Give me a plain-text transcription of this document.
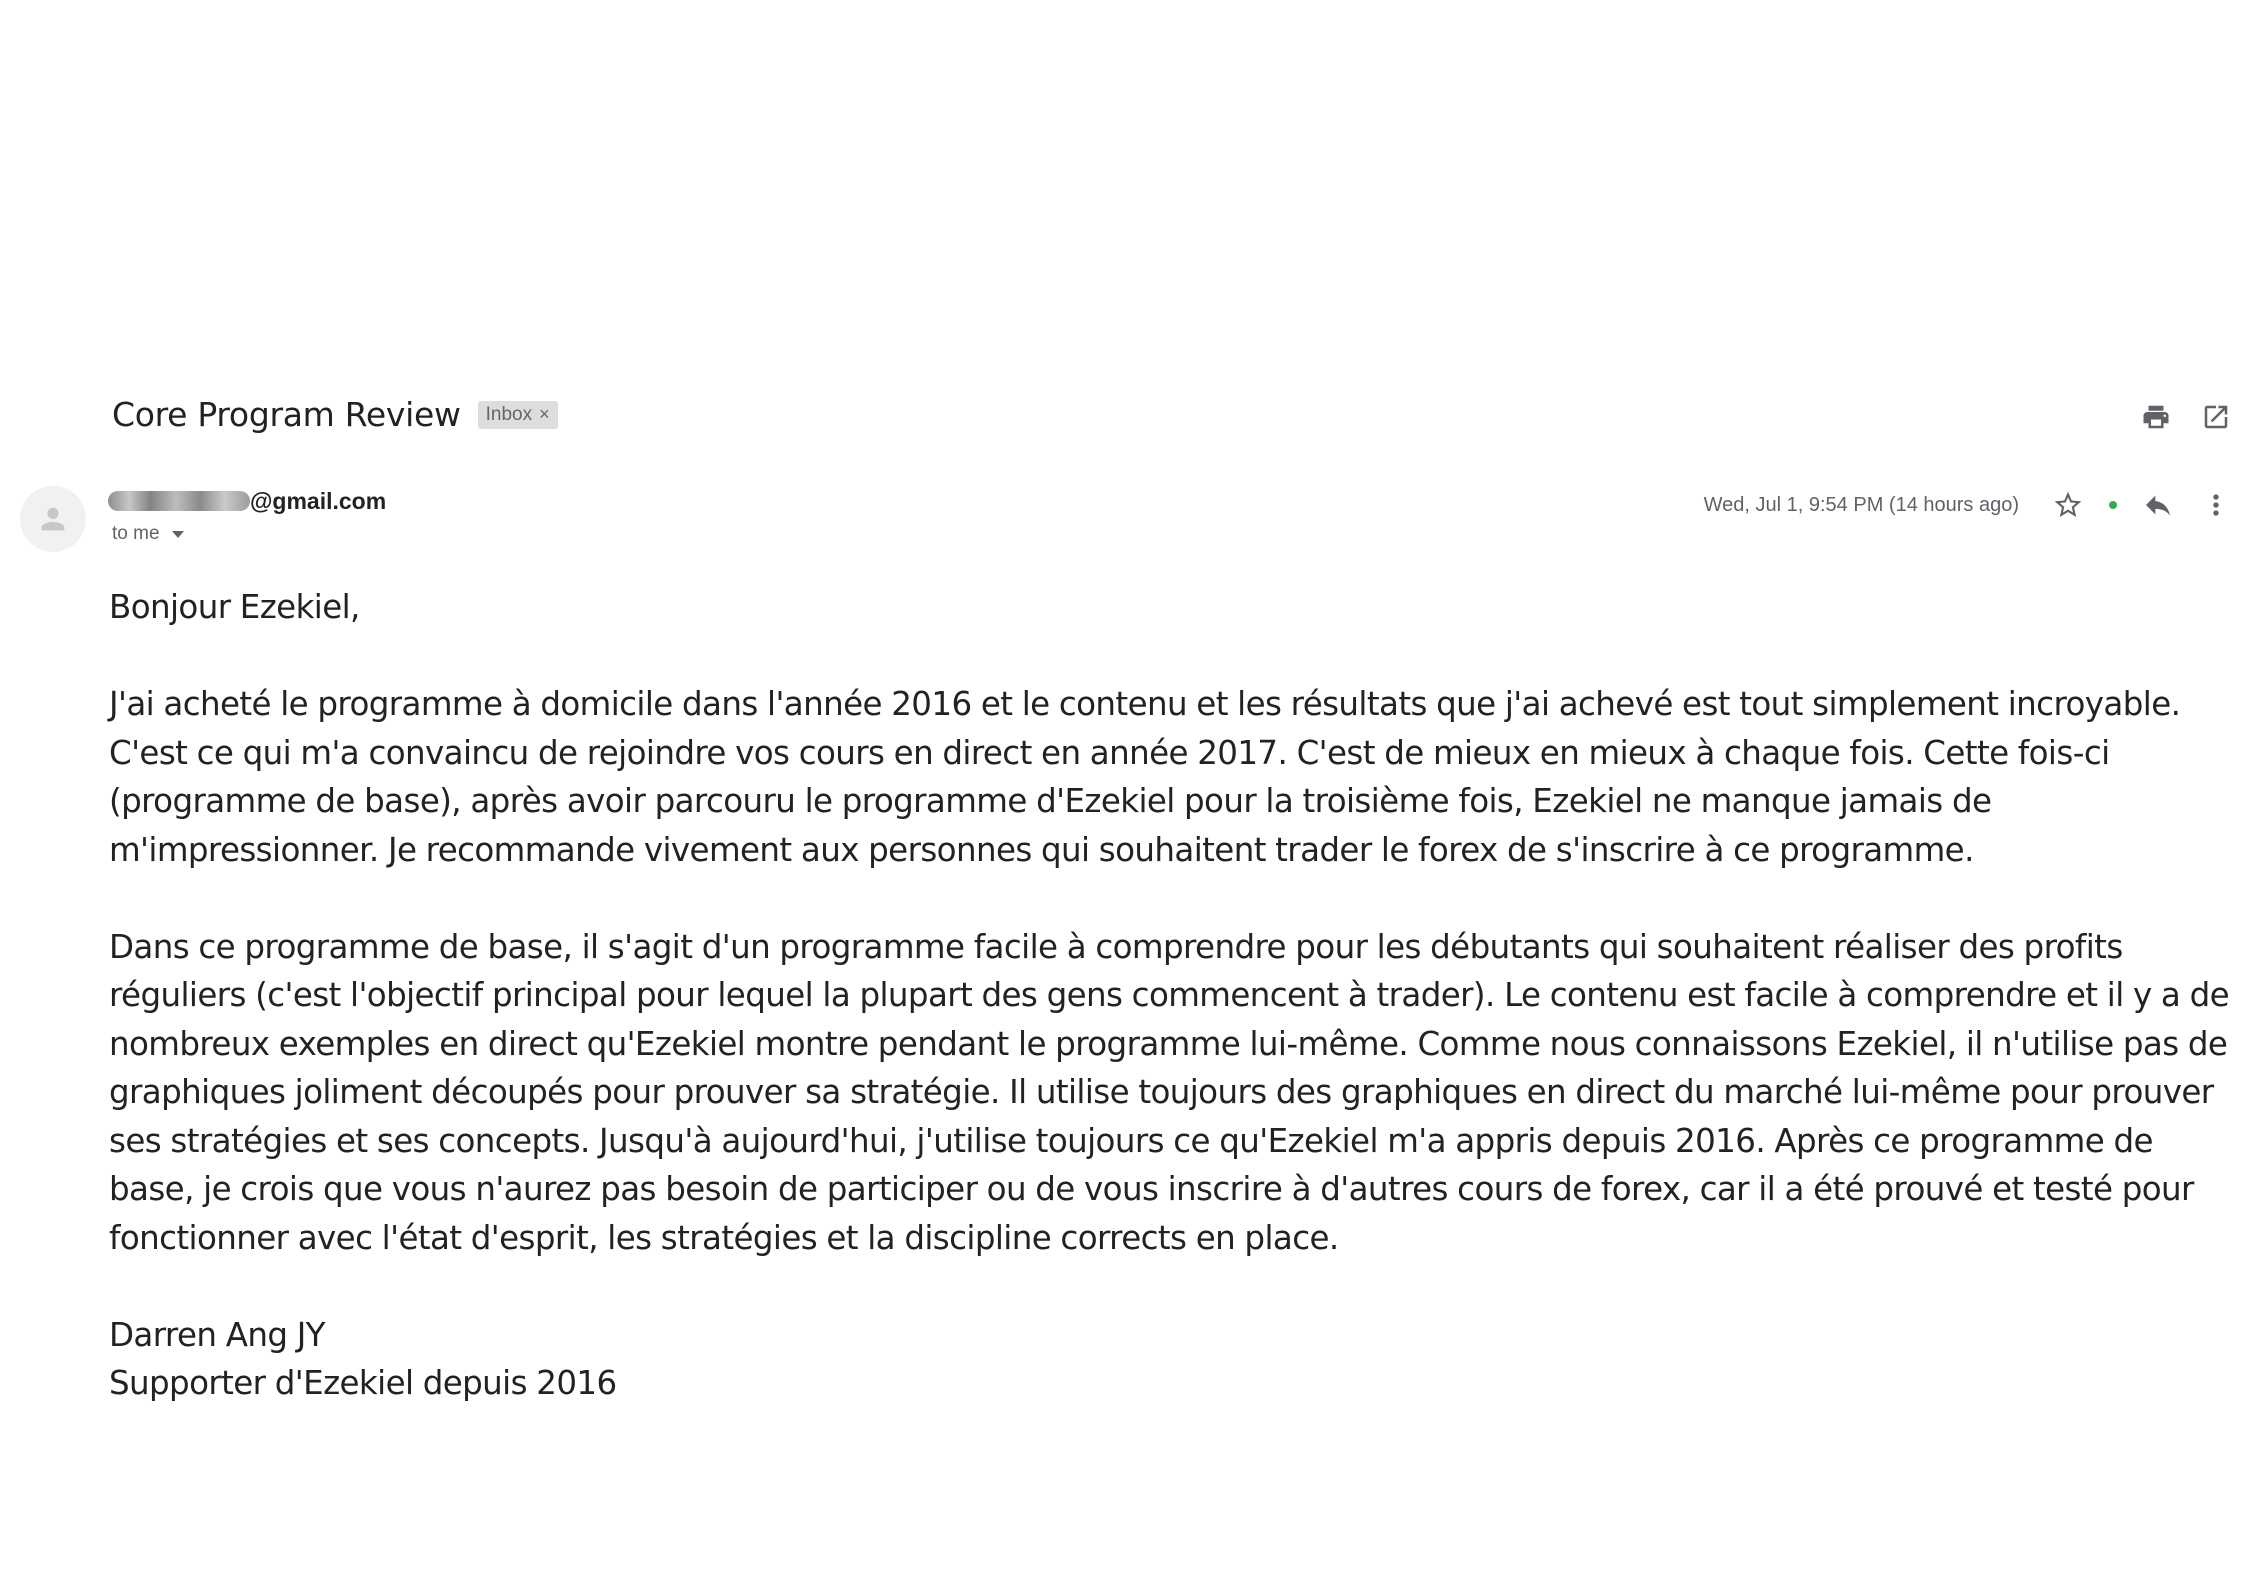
Core Program Review Inbox ×
@gmail.com
to me
Wed, Jul 1, 9:54 PM (14 hours ago)

Bonjour Ezekiel,

J'ai acheté le programme à domicile dans l'année 2016 et le contenu et les résultats que j'ai achevé est tout simplement incroyable. C'est ce qui m'a convaincu de rejoindre vos cours en direct en année 2017. C'est de mieux en mieux à chaque fois. Cette fois-ci (programme de base), après avoir parcouru le programme d'Ezekiel pour la troisième fois, Ezekiel ne manque jamais de m'impressionner. Je recommande vivement aux personnes qui souhaitent trader le forex de s'inscrire à ce programme.

Dans ce programme de base, il s'agit d'un programme facile à comprendre pour les débutants qui souhaitent réaliser des profits réguliers (c'est l'objectif principal pour lequel la plupart des gens commencent à trader). Le contenu est facile à comprendre et il y a de nombreux exemples en direct qu'Ezekiel montre pendant le programme lui-même. Comme nous connaissons Ezekiel, il n'utilise pas de graphiques joliment découpés pour prouver sa stratégie. Il utilise toujours des graphiques en direct du marché lui-même pour prouver ses stratégies et ses concepts. Jusqu'à aujourd'hui, j'utilise toujours ce qu'Ezekiel m'a appris depuis 2016. Après ce programme de base, je crois que vous n'aurez pas besoin de participer ou de vous inscrire à d'autres cours de forex, car il a été prouvé et testé pour fonctionner avec l'état d'esprit, les stratégies et la discipline corrects en place.

Darren Ang JY

Supporter d'Ezekiel depuis 2016
